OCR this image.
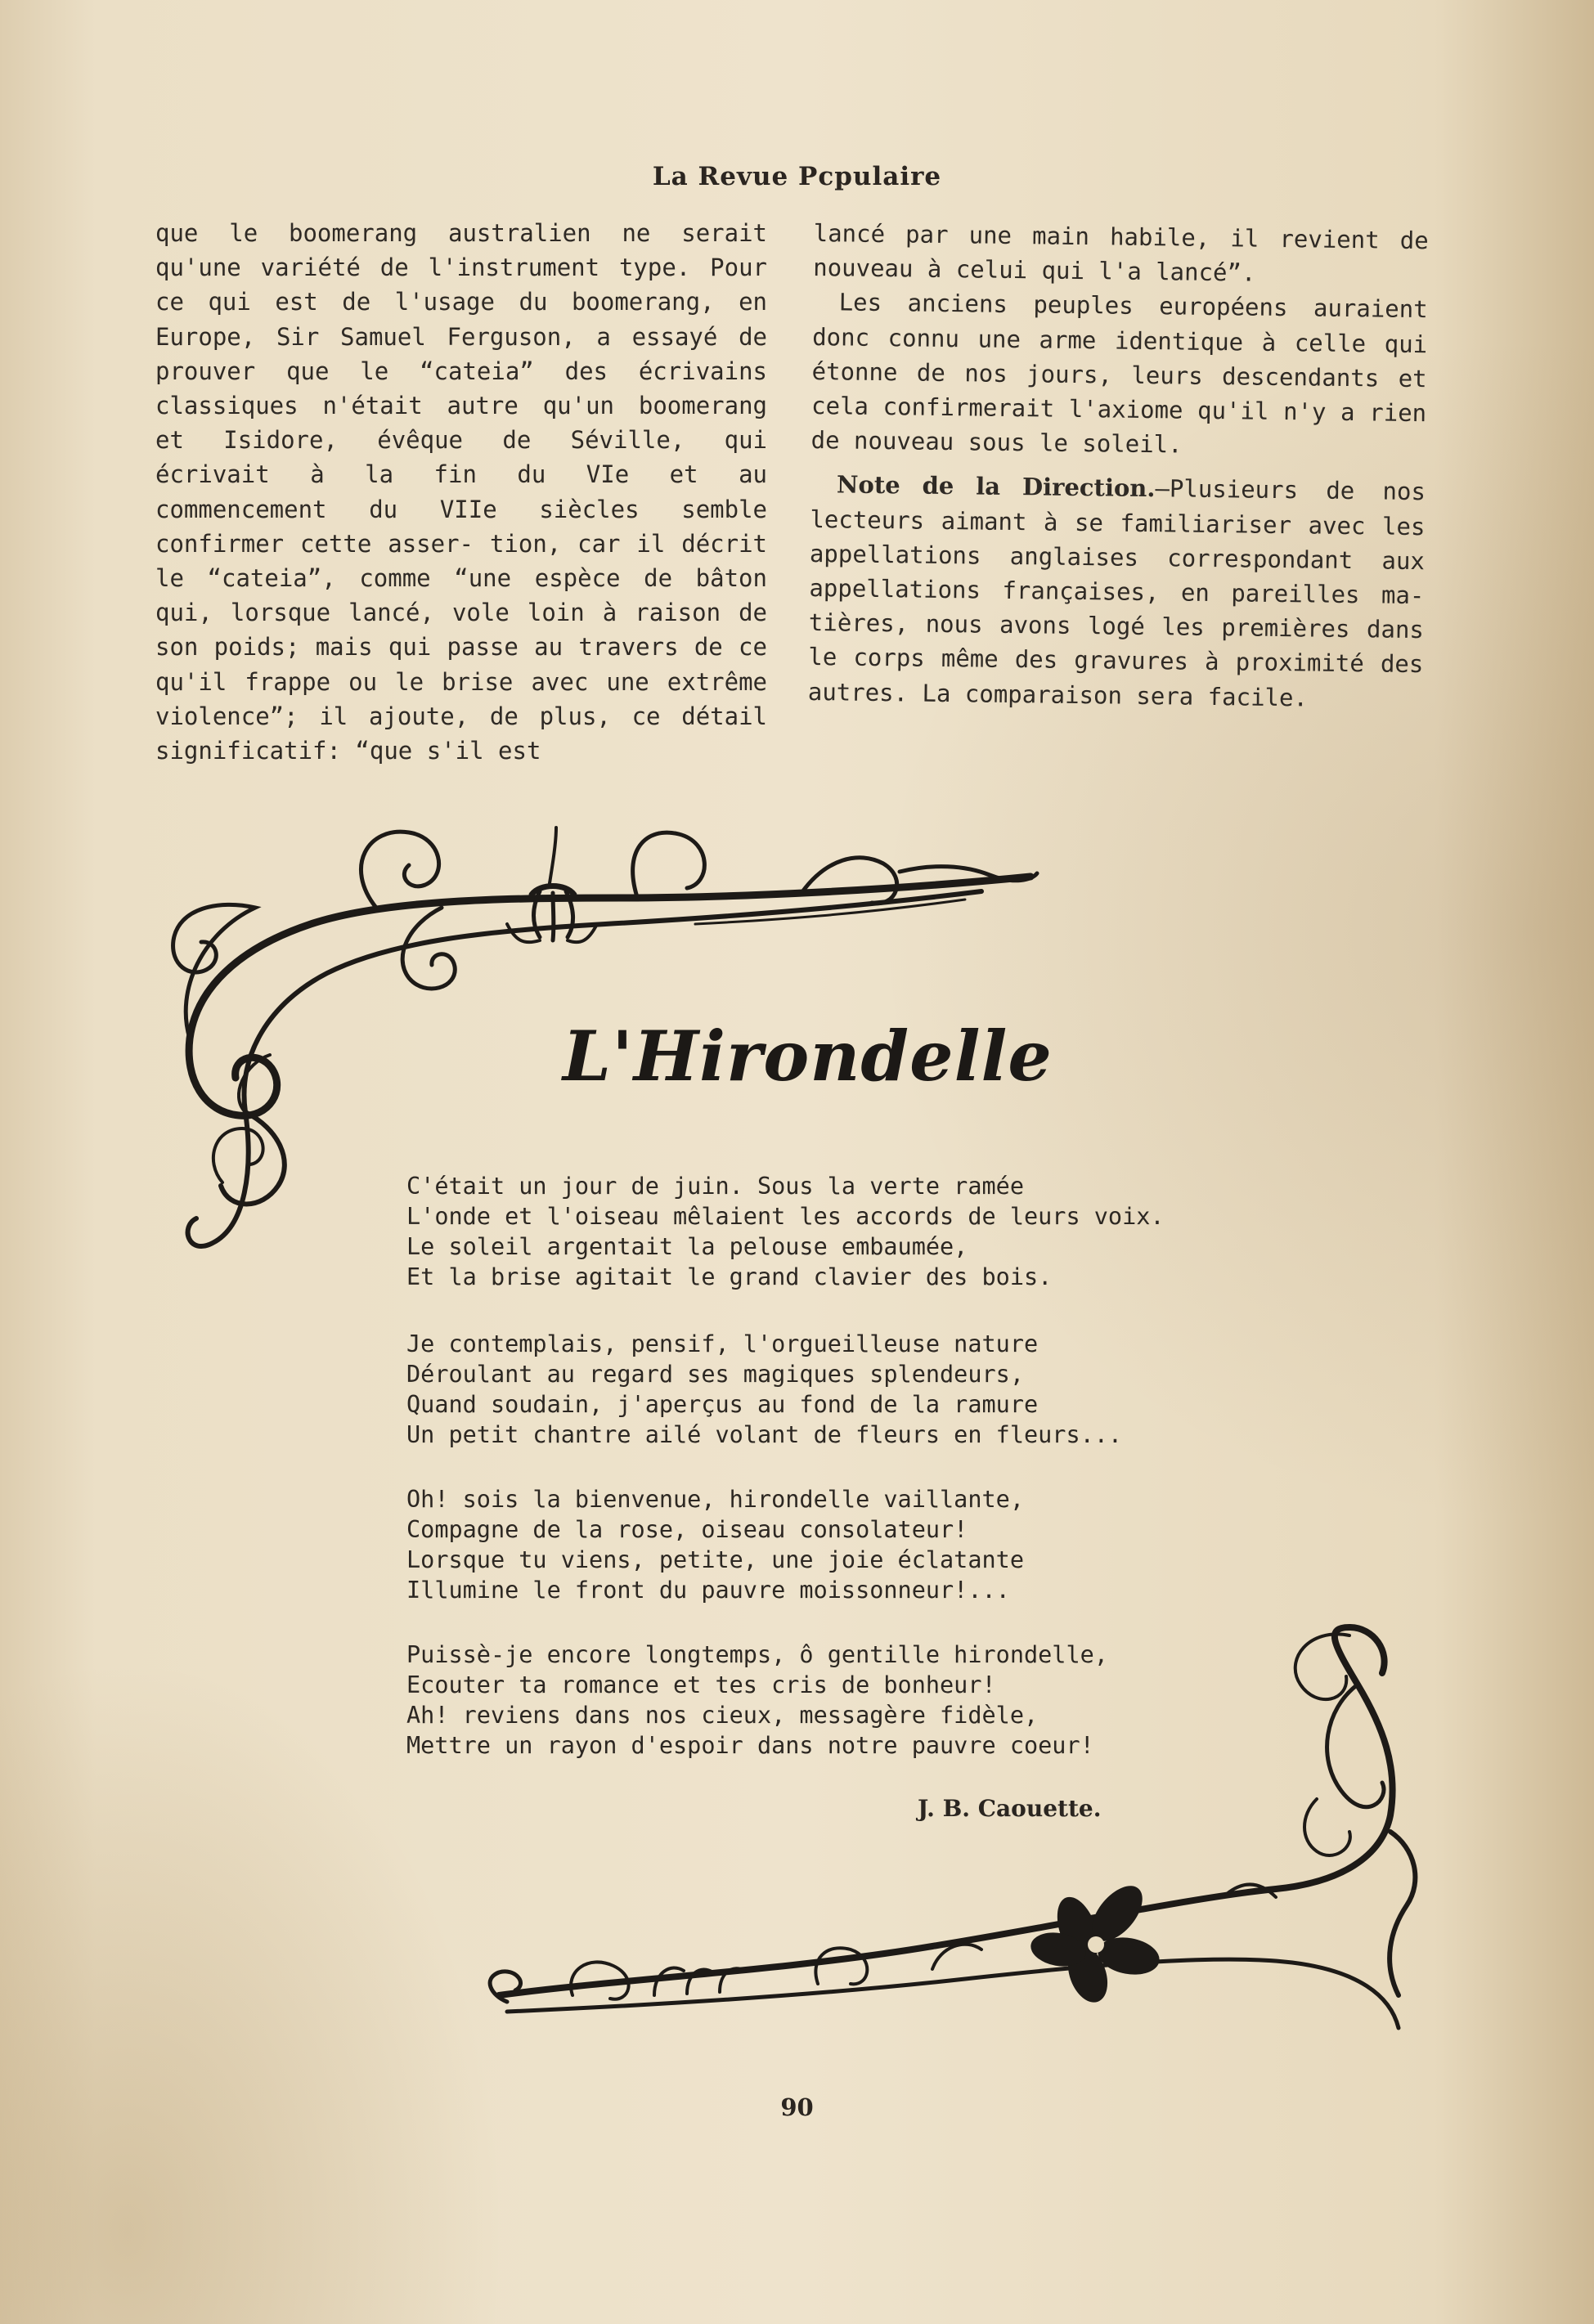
La Revue Pcpulaire

que le boomerang australien ne serait qu'une variété de l'instrument type. Pour ce qui est de l'usage du boomerang, en Europe, Sir Samuel Ferguson, a essayé de prouver que le “cateia” des écrivains classiques n'était autre qu'un boomerang et Isidore, évêque de Séville, qui écrivait à la fin du VIe et au commencement du VIIe siècles semble confirmer cette asser- tion, car il décrit le “cateia”, comme “une espèce de bâton qui, lorsque lancé, vole loin à raison de son poids; mais qui passe au travers de ce qu'il frappe ou le brise avec une extrême violence”; il ajoute, de plus, ce détail significatif: “que s'il est

lancé par une main habile, il revient de nouveau à celui qui l'a lancé”.

Les anciens peuples européens auraient donc connu une arme identique à celle qui étonne de nos jours, leurs descendants et cela confirmerait l'axiome qu'il n'y a rien de nouveau sous le soleil.

Note de la Direction.—Plusieurs de nos lecteurs aimant à se familiariser avec les appellations anglaises correspondant aux appellations françaises, en pareilles ma- tières, nous avons logé les premières dans le corps même des gravures à proximité des autres. La comparaison sera facile.

L'Hirondelle
C'était un jour de juin. Sous la verte ramée
L'onde et l'oiseau mêlaient les accords de leurs voix.
Le soleil argentait la pelouse embaumée,
Et la brise agitait le grand clavier des bois.
Je contemplais, pensif, l'orgueilleuse nature
Déroulant au regard ses magiques splendeurs,
Quand soudain, j'aperçus au fond de la ramure
Un petit chantre ailé volant de fleurs en fleurs...
Oh! sois la bienvenue, hirondelle vaillante,
Compagne de la rose, oiseau consolateur!
Lorsque tu viens, petite, une joie éclatante
Illumine le front du pauvre moissonneur!...
Puissè-je encore longtemps, ô gentille hirondelle,
Ecouter ta romance et tes cris de bonheur!
Ah! reviens dans nos cieux, messagère fidèle,
Mettre un rayon d'espoir dans notre pauvre coeur!
J. B. Caouette.
90
